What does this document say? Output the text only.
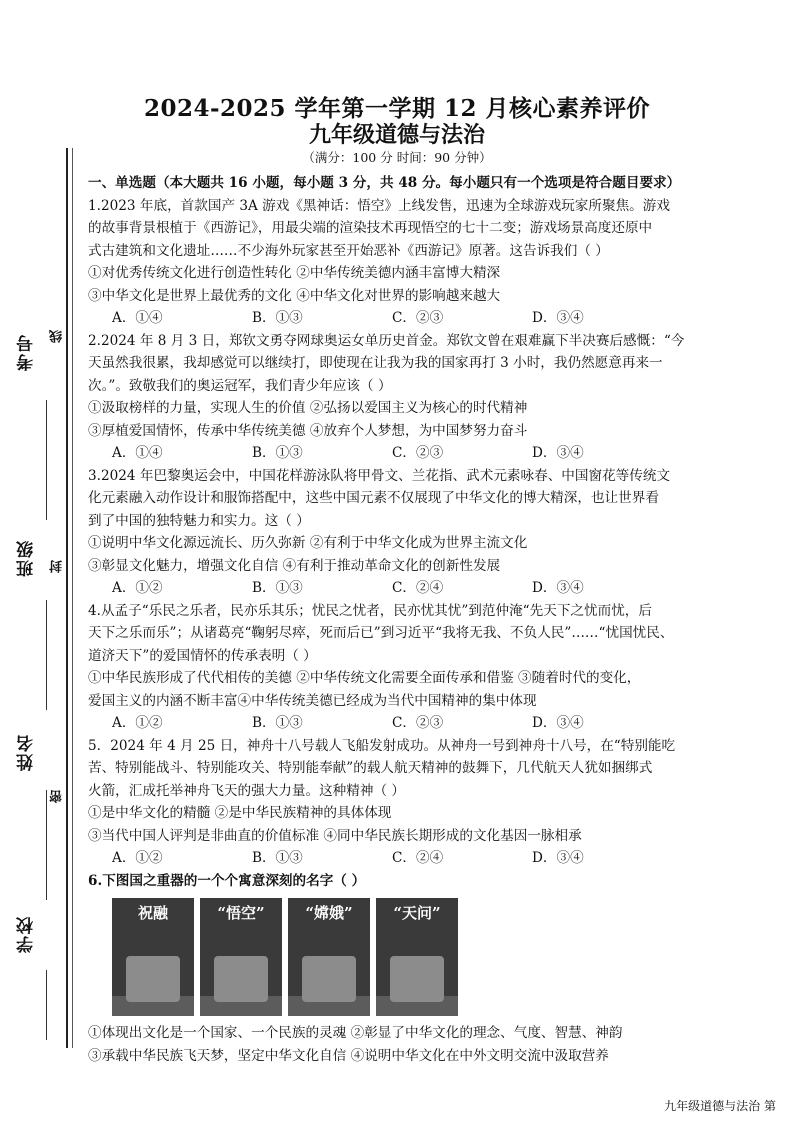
考号	线
班级	封
姓名
密
学校
2024-2025 学年第一学期 12 月核心素养评价
九年级道德与法治
（满分：100 分 时间：90 分钟）
一、单选题（本大题共 16 小题，每小题 3 分，共 48 分。每小题只有一个选项是符合题目要求）
1.2023 年底，首款国产 3A 游戏《黑神话：悟空》上线发售，迅速为全球游戏玩家所聚焦。游戏
的故事背景根植于《西游记》，用最尖端的渲染技术再现悟空的七十二变；游戏场景高度还原中
式古建筑和文化遗址……不少海外玩家甚至开始恶补《西游记》原著。这告诉我们（ ）
①对优秀传统文化进行创造性转化 ②中华传统美德内涵丰富博大精深
③中华文化是世界上最优秀的文化 ④中华文化对世界的影响越来越大
A．①④	B．①③	C．②③	D．③④
2.2024 年 8 月 3 日，郑钦文勇夺网球奥运女单历史首金。郑钦文曾在艰难赢下半决赛后感慨：“今
天虽然我很累，我却感觉可以继续打，即使现在让我为我的国家再打 3 小时，我仍然愿意再来一
次。”。致敬我们的奥运冠军，我们青少年应该（ ）
①汲取榜样的力量，实现人生的价值 ②弘扬以爱国主义为核心的时代精神
③厚植爱国情怀，传承中华传统美德 ④放弃个人梦想，为中国梦努力奋斗
A．①④	B．①③	C．②③	D．③④
3.2024 年巴黎奥运会中，中国花样游泳队将甲骨文、兰花指、武术元素咏春、中国窗花等传统文
化元素融入动作设计和服饰搭配中，这些中国元素不仅展现了中华文化的博大精深，也让世界看
到了中国的独特魅力和实力。这（ ）
①说明中华文化源远流长、历久弥新 ②有利于中华文化成为世界主流文化
③彰显文化魅力，增强文化自信 ④有利于推动革命文化的创新性发展
A．①②	B．①③	C．②④	D．③④
4.从孟子“乐民之乐者，民亦乐其乐；忧民之忧者，民亦忧其忧”到范仲淹“先天下之忧而忧，后
天下之乐而乐”；从诸葛亮“鞠躬尽瘁，死而后已”到习近平“我将无我、不负人民”……“忧国忧民、
道济天下”的爱国情怀的传承表明（ ）
①中华民族形成了代代相传的美德 ②中华传统文化需要全面传承和借鉴 ③随着时代的变化，
爱国主义的内涵不断丰富④中华传统美德已经成为当代中国精神的集中体现
A．①②	B．①③	C．②③	D．③④
5．2024 年 4 月 25 日，神舟十八号载人飞船发射成功。从神舟一号到神舟十八号，在“特别能吃
苦、特别能战斗、特别能攻关、特别能奉献”的载人航天精神的鼓舞下，几代航天人犹如捆绑式
火箭，汇成托举神舟飞天的强大力量。这种精神（ ）
①是中华文化的精髓 ②是中华民族精神的具体体现
③当代中国人评判是非曲直的价值标准 ④同中华民族长期形成的文化基因一脉相承
A．①②	B．①③	C．②④	D．③④
6.下图国之重器的一个个寓意深刻的名字（ ）
祝融	“悟空”	“嫦娥”	“天问”
①体现出文化是一个国家、一个民族的灵魂 ②彰显了中华文化的理念、气度、智慧、神韵
③承载中华民族飞天梦，坚定中华文化自信 ④说明中华文化在中外文明交流中汲取营养
九年级道德与法治 第
